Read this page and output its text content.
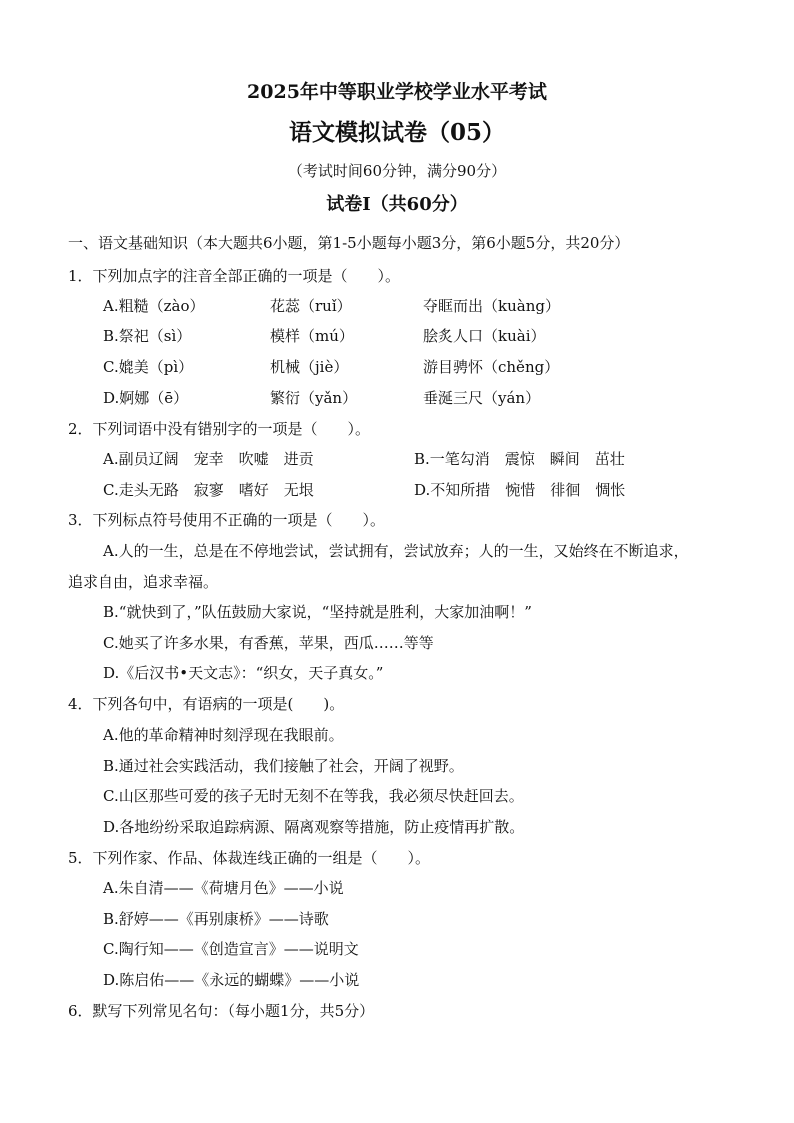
2025年中等职业学校学业水平考试
语文模拟试卷（05）
（考试时间60分钟，满分90分）
试卷Ⅰ（共60分）
一、语文基础知识（本大题共6小题，第1-5小题每小题3分，第6小题5分，共20分）
1．下列加点字的注音全部正确的一项是（　　）。
A.粗糙（zào）	花蕊（ruǐ）	夺眶而出（kuàng）
B.祭祀（sì）	模样（mú）	脍炙人口（kuài）
C.媲美（pì）	机械（jiè）	游目骋怀（chěng）
D.婀娜（ē）	繁衍（yǎn）	垂涎三尺（yán）
2．下列词语中没有错别字的一项是（　　）。
A.副员辽阔　宠幸　吹嘘　进贡	B.一笔勾消　震惊　瞬间　茁壮
C.走头无路　寂寥　嗜好　无垠	D.不知所措　惋惜　徘徊　惆怅
3．下列标点符号使用不正确的一项是（　　）。
A.人的一生，总是在不停地尝试，尝试拥有，尝试放弃；人的一生，又始终在不断追求，
追求自由，追求幸福。
B.“就快到了，”队伍鼓励大家说，“坚持就是胜利，大家加油啊！”
C.她买了许多水果，有香蕉，苹果，西瓜……等等
D.《后汉书•天文志》：“织女，天子真女。”
4．下列各句中，有语病的一项是(　　)。
A.他的革命精神时刻浮现在我眼前。
B.通过社会实践活动，我们接触了社会，开阔了视野。
C.山区那些可爱的孩子无时无刻不在等我，我必须尽快赶回去。
D.各地纷纷采取追踪病源、隔离观察等措施，防止疫情再扩散。
5．下列作家、作品、体裁连线正确的一组是（　　）。
A.朱自清——《荷塘月色》——小说
B.舒婷——《再别康桥》——诗歌
C.陶行知——《创造宣言》——说明文
D.陈启佑——《永远的蝴蝶》——小说
6．默写下列常见名句：（每小题1分，共5分）
